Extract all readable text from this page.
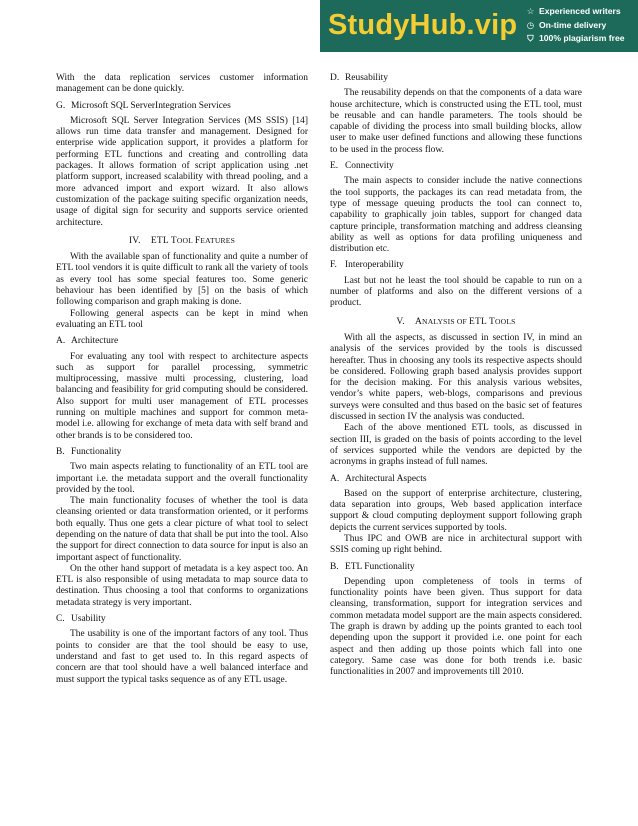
StudyHub.vip ☆ Experienced writers
◷ On-time delivery
⛉ 100% plagiarism free

With the data replication services customer information management can be done quickly.

G. Microsoft SQL ServerIntegration Services

Microsoft SQL Server Integration Services (MS SSIS) [14] allows run time data transfer and management. Designed for enterprise wide application support, it provides a platform for performing ETL functions and creating and controlling data packages. It allows formation of script application using .net platform support, increased scalability with thread pooling, and a more advanced import and export wizard. It also allows customization of the package suiting specific organization needs, usage of digital sign for security and supports service oriented architecture.

IV. ETL TOOL FEATURES

With the available span of functionality and quite a number of ETL tool vendors it is quite difficult to rank all the variety of tools as every tool has some special features too. Some generic behaviour has been identified by [5] on the basis of which following comparison and graph making is done.

Following general aspects can be kept in mind when evaluating an ETL tool

A. Architecture

For evaluating any tool with respect to architecture aspects such as support for parallel processing, symmetric multiprocessing, massive multi processing, clustering, load balancing and feasibility for grid computing should be considered. Also support for multi user management of ETL processes running on multiple machines and support for common meta-model i.e. allowing for exchange of meta data with self brand and other brands is to be considered too.

B. Functionality

Two main aspects relating to functionality of an ETL tool are important i.e. the metadata support and the overall functionality provided by the tool.

The main functionality focuses of whether the tool is data cleansing oriented or data transformation oriented, or it performs both equally. Thus one gets a clear picture of what tool to select depending on the nature of data that shall be put into the tool. Also the support for direct connection to data source for input is also an important aspect of functionality.

On the other hand support of metadata is a key aspect too. An ETL is also responsible of using metadata to map source data to destination. Thus choosing a tool that conforms to organizations metadata strategy is very important.

C. Usability

The usability is one of the important factors of any tool. Thus points to consider are that the tool should be easy to use, understand and fast to get used to. In this regard aspects of concern are that tool should have a well balanced interface and must support the typical tasks sequence as of any ETL usage.

D. Reusability

The reusability depends on that the components of a data ware house architecture, which is constructed using the ETL tool, must be reusable and can handle parameters. The tools should be capable of dividing the process into small building blocks, allow user to make user defined functions and allowing these functions to be used in the process flow.

E. Connectivity

The main aspects to consider include the native connections the tool supports, the packages its can read metadata from, the type of message queuing products the tool can connect to, capability to graphically join tables, support for changed data capture principle, transformation matching and address cleansing ability as well as options for data profiling uniqueness and distribution etc.

F. Interoperability

Last but not he least the tool should be capable to run on a number of platforms and also on the different versions of a product.

V. ANALYSIS OF ETL TOOLS

With all the aspects, as discussed in section IV, in mind an analysis of the services provided by the tools is discussed hereafter. Thus in choosing any tools its respective aspects should be considered. Following graph based analysis provides support for the decision making. For this analysis various websites, vendor’s white papers, web-blogs, comparisons and previous surveys were consulted and thus based on the basic set of features discussed in section IV the analysis was conducted.

Each of the above mentioned ETL tools, as discussed in section III, is graded on the basis of points according to the level of services supported while the vendors are depicted by the acronyms in graphs instead of full names.

A. Architectural Aspects

Based on the support of enterprise architecture, clustering, data separation into groups, Web based application interface support & cloud computing deployment support following graph depicts the current services supported by tools.

Thus IPC and OWB are nice in architectural support with SSIS coming up right behind.

B. ETL Functionality

Depending upon completeness of tools in terms of functionality points have been given. Thus support for data cleansing, transformation, support for integration services and common metadata model support are the main aspects considered. The graph is drawn by adding up the points granted to each tool depending upon the support it provided i.e. one point for each aspect and then adding up those points which fall into one category. Same case was done for both trends i.e. basic functionalities in 2007 and improvements till 2010.
